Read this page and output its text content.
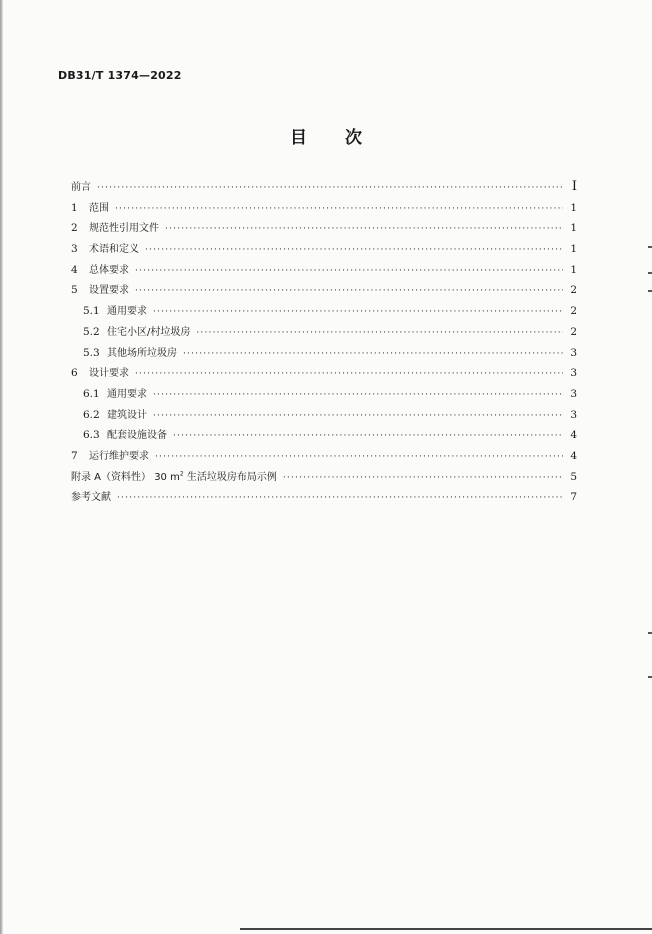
DB31/T 1374—2022
目 次
前言 ·····	I
1	范围 ·····	1
2	规范性引用文件 ·····	1
3	术语和定义 ·····	1
4	总体要求 ·····	1
5	设置要求 ·····	2
5.1 通用要求 ·····	2
5.2 住宅小区/村垃圾房 ·····	2
5.3 其他场所垃圾房 ·····	3
6	设计要求 ·····	3
6.1 通用要求 ·····	3
6.2 建筑设计 ·····	3
6.3 配套设施设备 ·····	4
7	运行维护要求 ·····	4
附录 A（资料性） 30 $m^2$ 生活垃圾房布局示例 ·····	5
参考文献 ·····	7
